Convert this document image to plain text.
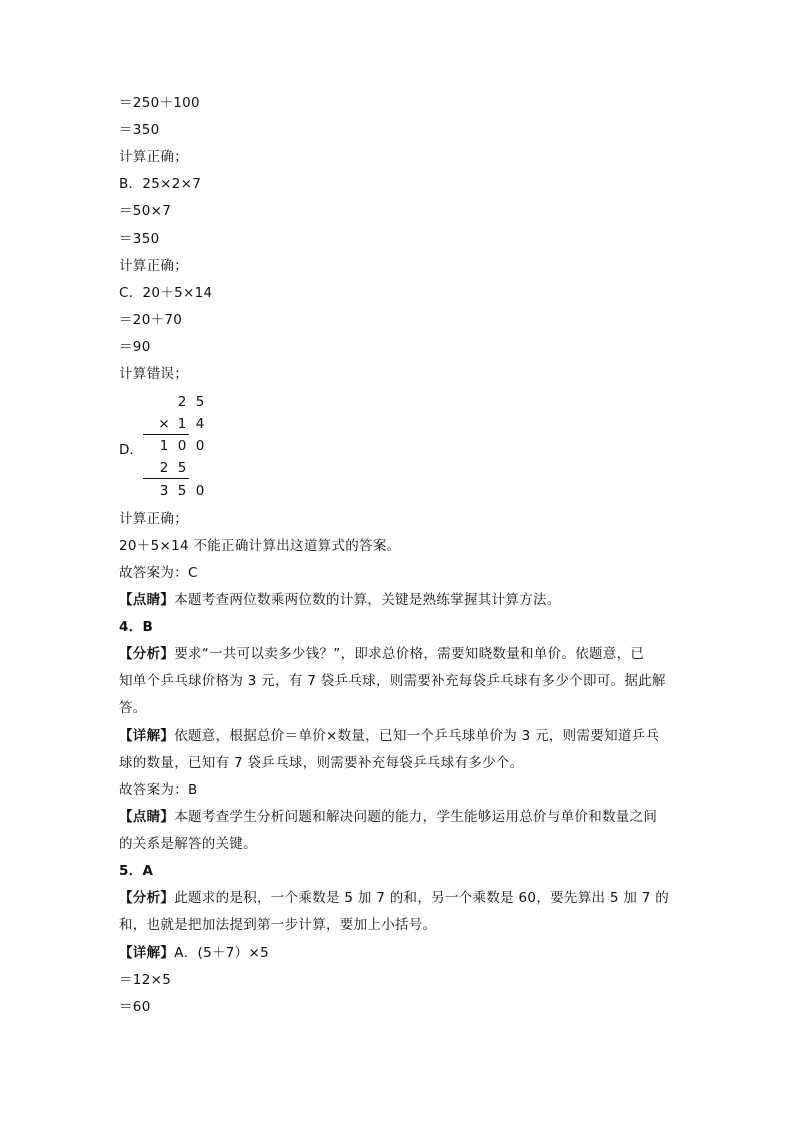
＝250＋100
＝350
计算正确；
B．25×2×7
＝50×7
＝350
计算正确；
C．20＋5×14
＝20＋70
＝90
计算错误；
D．
2 5
× 1 4
1 0 0
2 5
3 5 0
计算正确；
20＋5×14 不能正确计算出这道算式的答案。
故答案为：C
【点睛】本题考查两位数乘两位数的计算，关键是熟练掌握其计算方法。
4．B
【分析】要求“一共可以卖多少钱？”，即求总价格，需要知晓数量和单价。依题意，已
知单个乒乓球价格为 3 元，有 7 袋乒乓球，则需要补充每袋乒乓球有多少个即可。据此解
答。
【详解】依题意，根据总价＝单价×数量，已知一个乒乓球单价为 3 元，则需要知道乒乓
球的数量，已知有 7 袋乒乓球，则需要补充每袋乒乓球有多少个。
故答案为：B
【点睛】本题考查学生分析问题和解决问题的能力，学生能够运用总价与单价和数量之间
的关系是解答的关键。
5．A
【分析】此题求的是积，一个乘数是 5 加 7 的和，另一个乘数是 60，要先算出 5 加 7 的
和，也就是把加法提到第一步计算，要加上小括号。
【详解】A．(5＋7）×5
＝12×5
＝60
